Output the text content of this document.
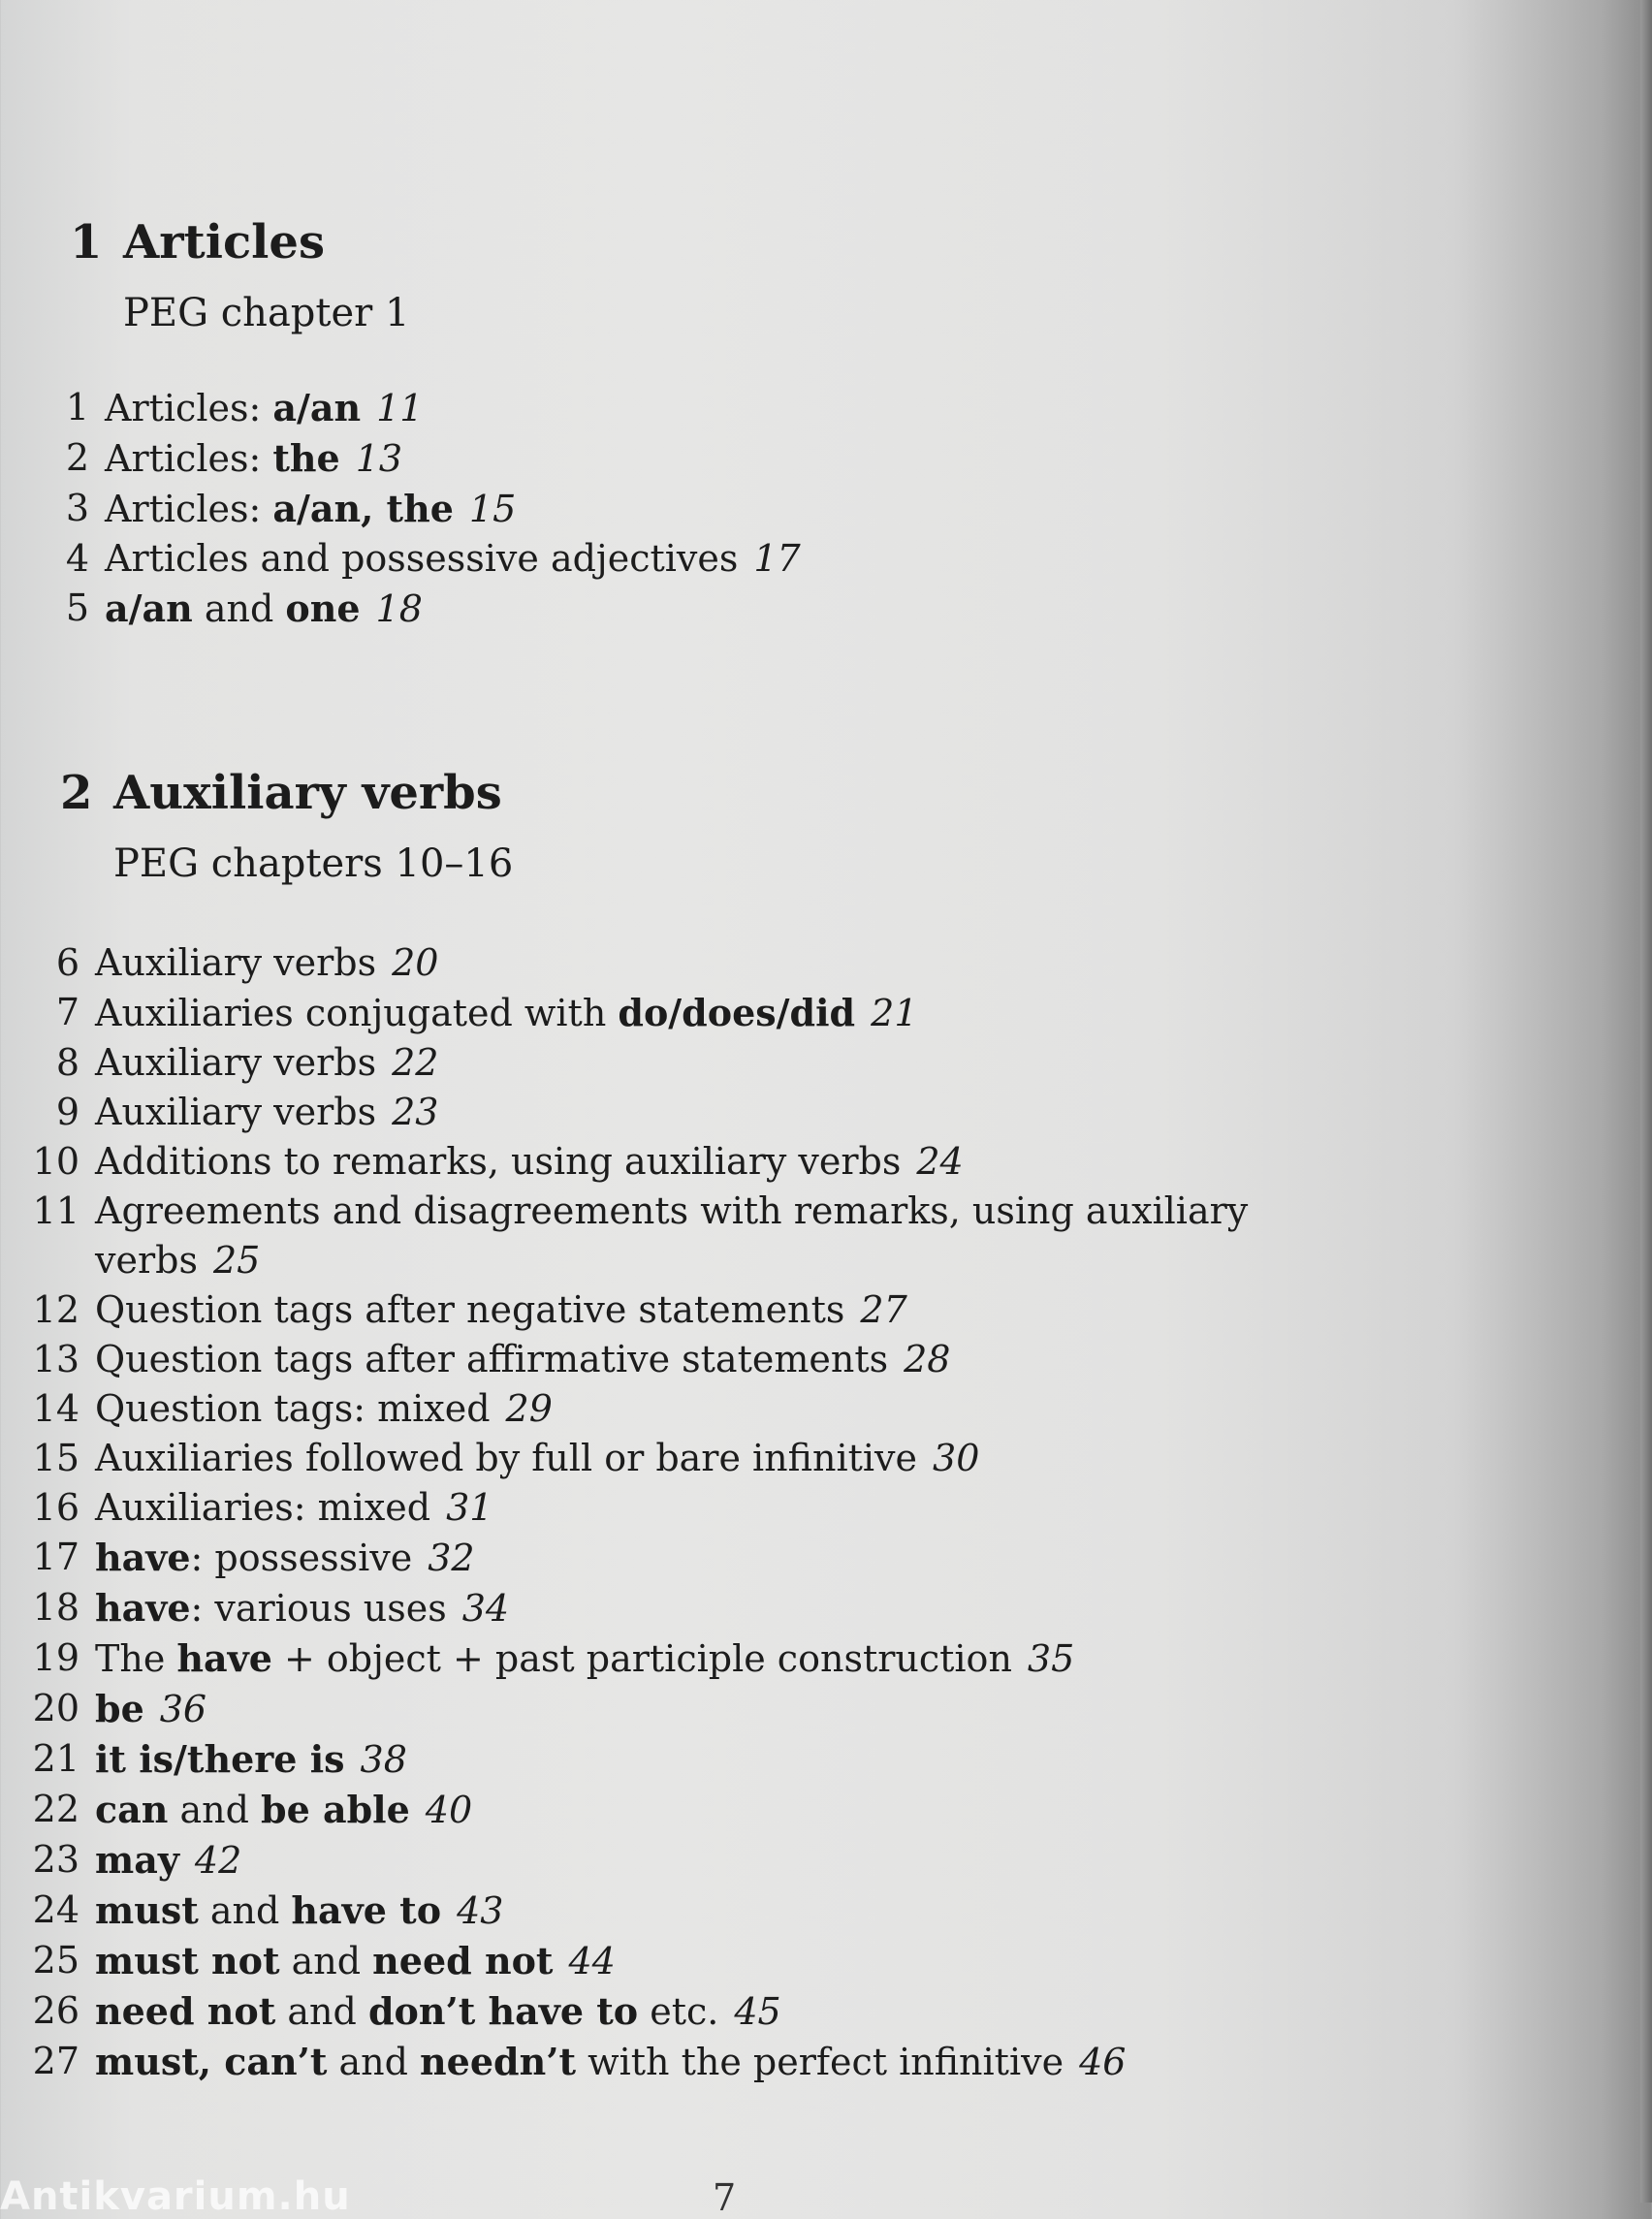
1 Articles
PEG chapter 1
1 Articles: a/an 11
2 Articles: the 13
3 Articles: a/an, the 15
4 Articles and possessive adjectives 17
5 a/an and one 18
2 Auxiliary verbs
PEG chapters 10–16
6 Auxiliary verbs 20
7 Auxiliaries conjugated with do/does/did 21
8 Auxiliary verbs 22
9 Auxiliary verbs 23
10 Additions to remarks, using auxiliary verbs 24
11 Agreements and disagreements with remarks, using auxiliary verbs 25
12 Question tags after negative statements 27
13 Question tags after affirmative statements 28
14 Question tags: mixed 29
15 Auxiliaries followed by full or bare infinitive 30
16 Auxiliaries: mixed 31
17 have: possessive 32
18 have: various uses 34
19 The have + object + past participle construction 35
20 be 36
21 it is/there is 38
22 can and be able 40
23 may 42
24 must and have to 43
25 must not and need not 44
26 need not and don’t have to etc. 45
27 must, can’t and needn’t with the perfect infinitive 46
7
Antikvarium.hu
